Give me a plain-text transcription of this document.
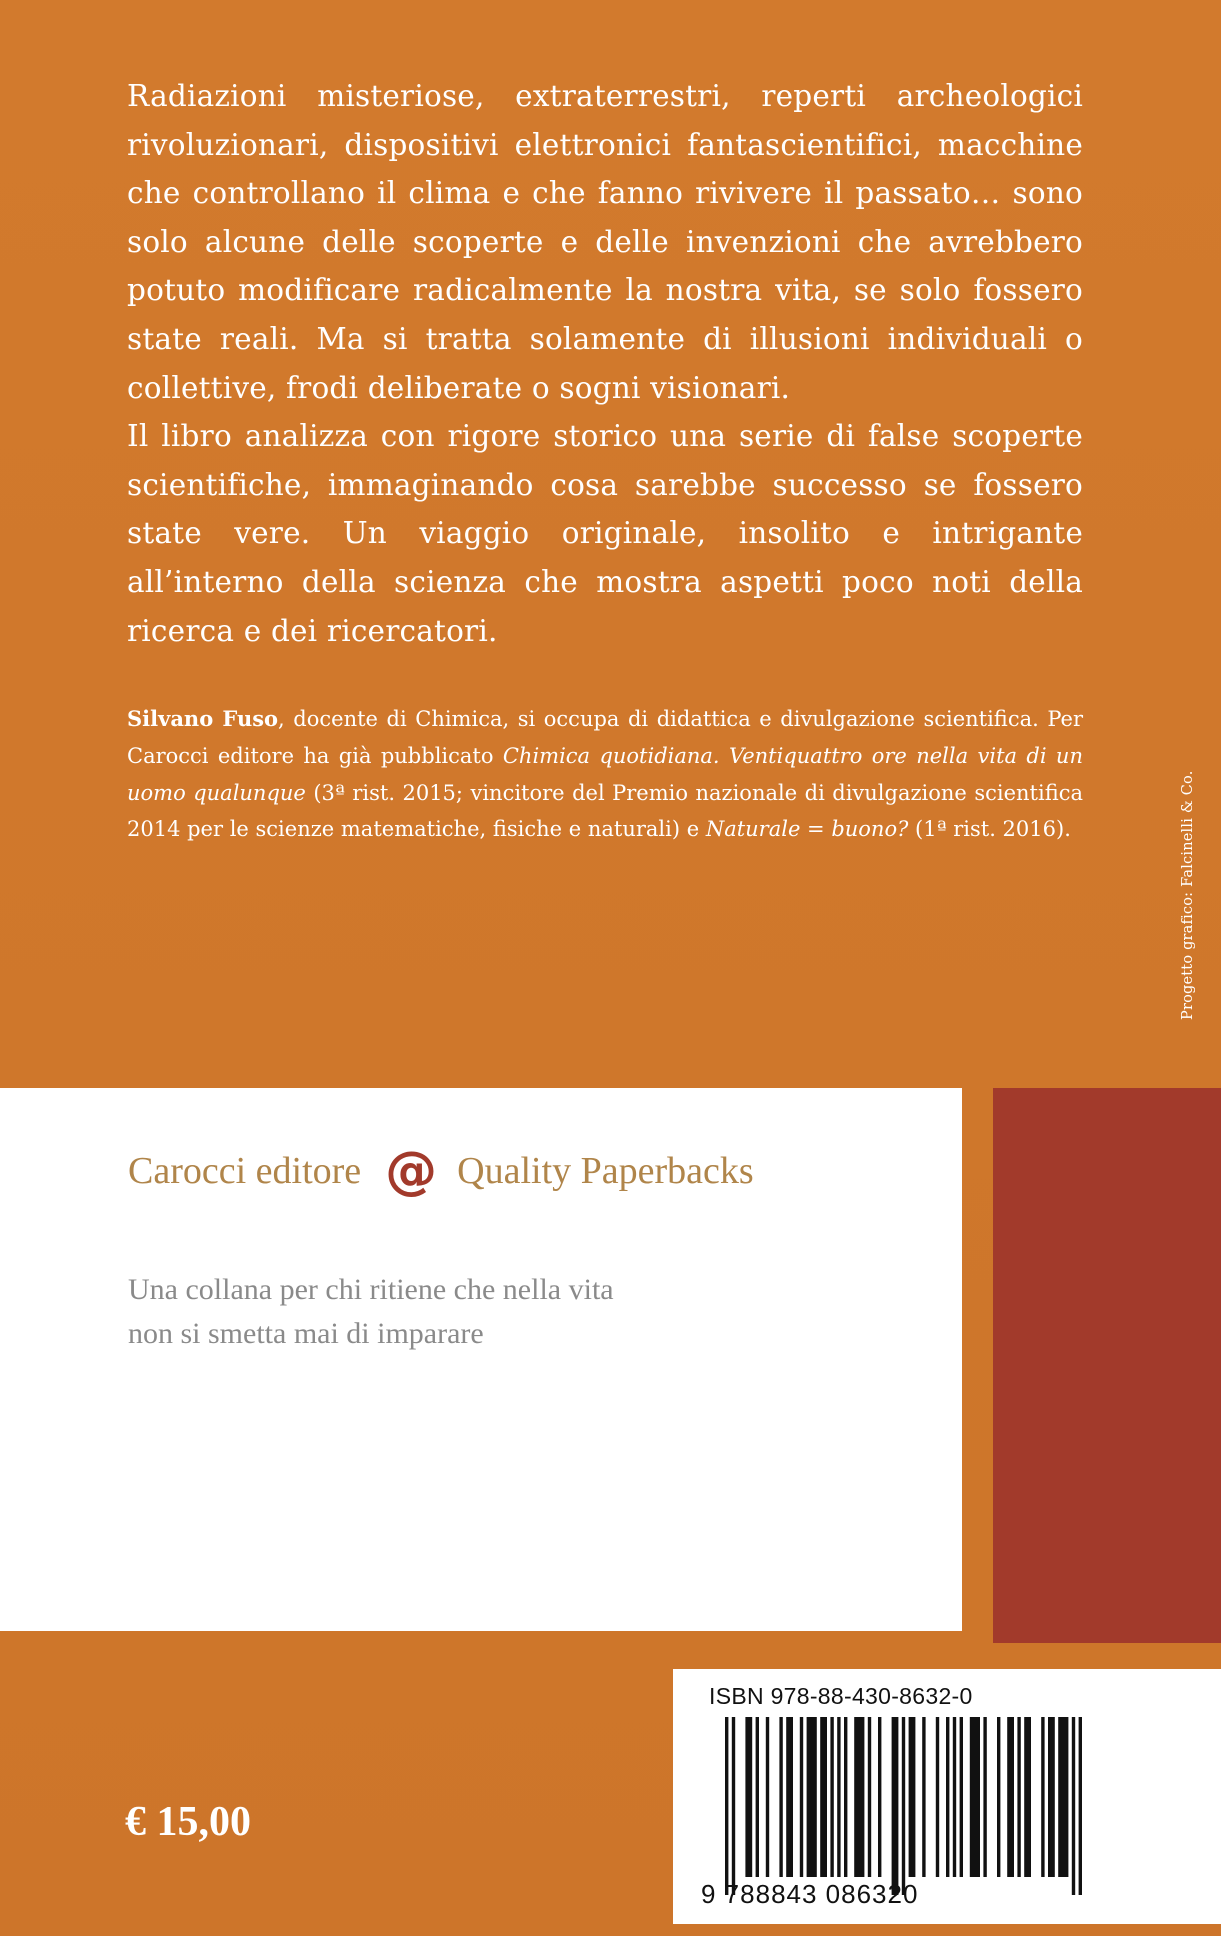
Radiazioni misteriose, extraterrestri, reperti archeologici rivoluzionari, dispositivi elettronici fantascientifici, macchine che controllano il clima e che fanno rivivere il passato… sono solo alcune delle scoperte e delle invenzioni che avrebbero potuto modificare radicalmente la nostra vita, se solo fossero state reali. Ma si tratta solamente di illusioni individuali o collettive, frodi deliberate o sogni visionari.

Il libro analizza con rigore storico una serie di false scoperte scientifiche, immaginando cosa sarebbe successo se fossero state vere. Un viaggio originale, insolito e intrigante all’interno della scienza che mostra aspetti poco noti della ricerca e dei ricercatori.

Silvano Fuso, docente di Chimica, si occupa di didattica e divulgazione scientifica. Per Carocci editore ha già pubblicato Chimica quotidiana. Ventiquattro ore nella vita di un uomo qualunque (3ª rist. 2015; vincitore del Premio nazionale di divulgazione scientifica 2014 per le scienze matematiche, fisiche e naturali) e Naturale = buono? (1ª rist. 2016).	Progetto grafico: Falcinelli & Co.
Carocci editore @ Quality Paperbacks
Una collana per chi ritiene che nella vita
non si smetta mai di imparare
ISBN 978-88-430-8632-0
9 788843 086320
€ 15,00
